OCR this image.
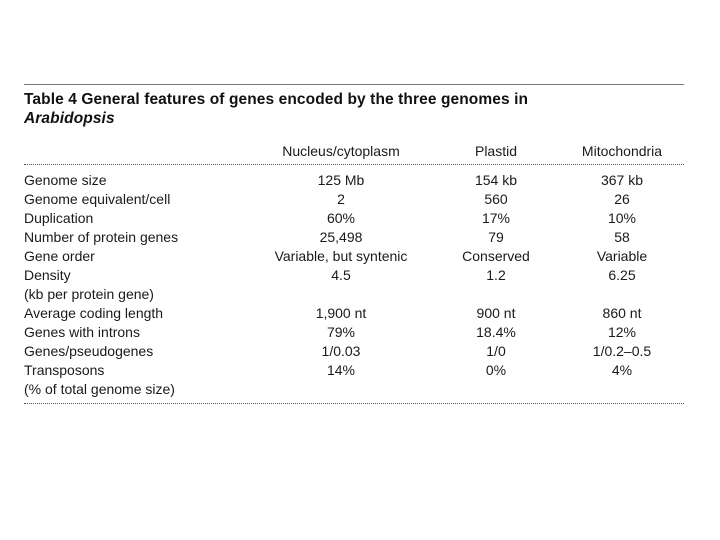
Table 4 General features of genes encoded by the three genomes in
Arabidopsis
Nucleus/cytoplasm	Plastid	Mitochondria
Genome size	125 Mb	154 kb	367 kb
Genome equivalent/cell	2	560	26
Duplication	60%	17%	10%
Number of protein genes	25,498	79	58
Gene order	Variable, but syntenic	Conserved	Variable
Density	4.5	1.2	6.25
(kb per protein gene)
Average coding length	1,900 nt	900 nt	860 nt
Genes with introns	79%	18.4%	12%
Genes/pseudogenes	1/0.03	1/0	1/0.2–0.5
Transposons	14%	0%	4%
(% of total genome size)
